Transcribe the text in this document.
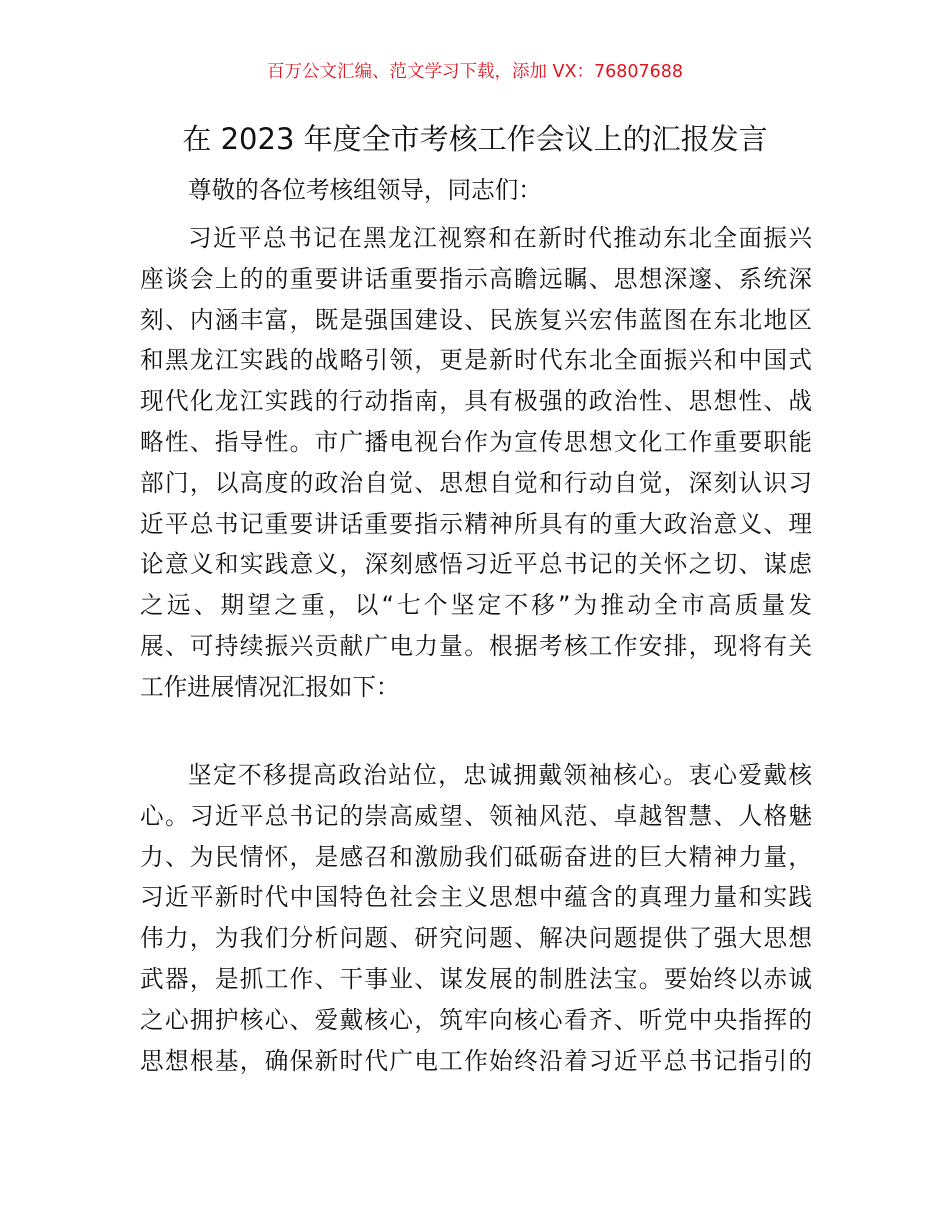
百万公文汇编、范文学习下载，添加 VX：76807688
在 2023 年度全市考核工作会议上的汇报发言
尊敬的各位考核组领导，同志们：
习近平总书记在黑龙江视察和在新时代推动东北全面振兴
座谈会上的的重要讲话重要指示高瞻远瞩、思想深邃、系统深
刻、内涵丰富，既是强国建设、民族复兴宏伟蓝图在东北地区
和黑龙江实践的战略引领，更是新时代东北全面振兴和中国式
现代化龙江实践的行动指南，具有极强的政治性、思想性、战
略性、指导性。市广播电视台作为宣传思想文化工作重要职能
部门，以高度的政治自觉、思想自觉和行动自觉，深刻认识习
近平总书记重要讲话重要指示精神所具有的重大政治意义、理
论意义和实践意义，深刻感悟习近平总书记的关怀之切、谋虑
之远、期望之重，以“七个坚定不移”为推动全市高质量发
展、可持续振兴贡献广电力量。根据考核工作安排，现将有关
工作进展情况汇报如下：
坚定不移提高政治站位，忠诚拥戴领袖核心。衷心爱戴核
心。习近平总书记的崇高威望、领袖风范、卓越智慧、人格魅
力、为民情怀，是感召和激励我们砥砺奋进的巨大精神力量，
习近平新时代中国特色社会主义思想中蕴含的真理力量和实践
伟力，为我们分析问题、研究问题、解决问题提供了强大思想
武器，是抓工作、干事业、谋发展的制胜法宝。要始终以赤诚
之心拥护核心、爱戴核心，筑牢向核心看齐、听党中央指挥的
思想根基，确保新时代广电工作始终沿着习近平总书记指引的
